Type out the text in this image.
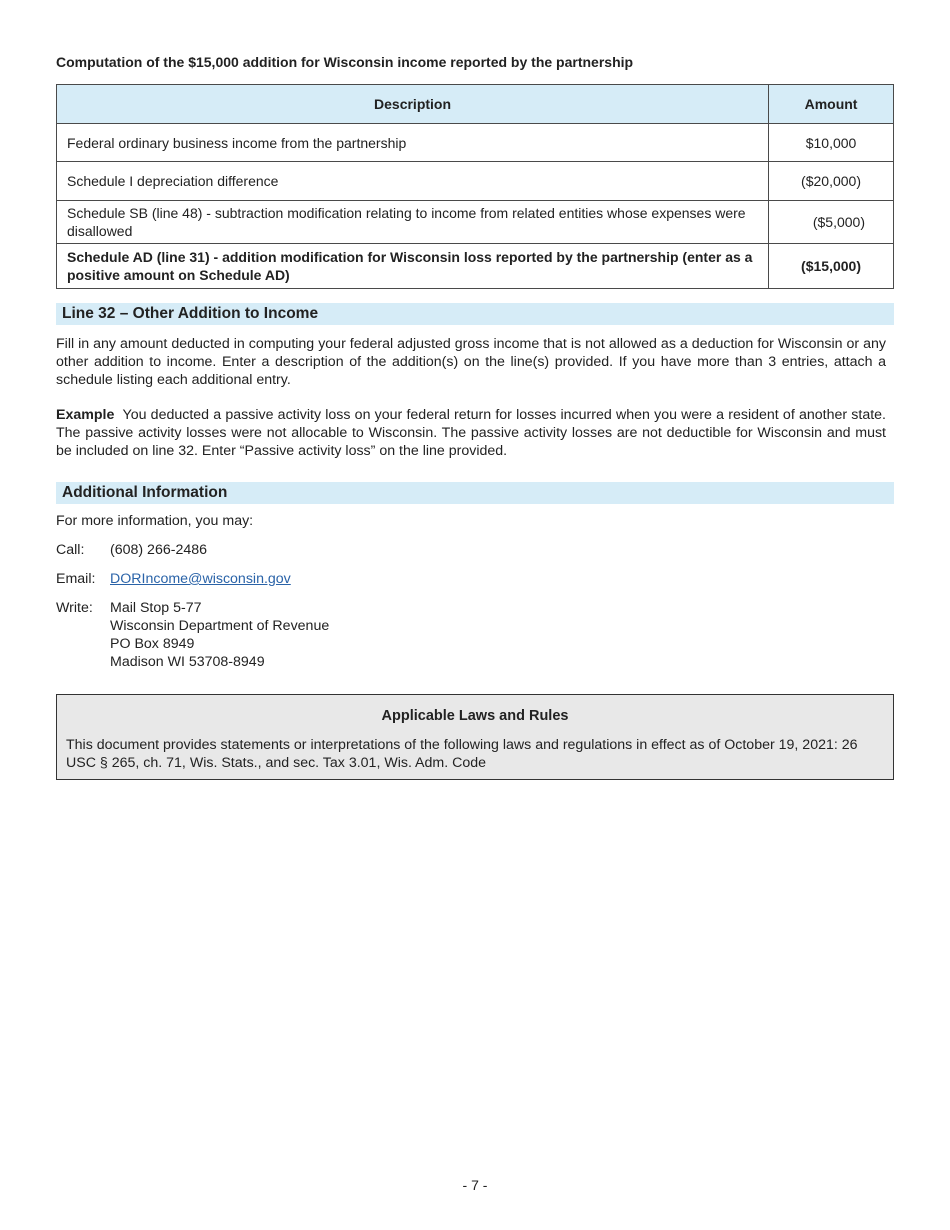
Computation of the $15,000 addition for Wisconsin income reported by the partnership
Description	Amount
Federal ordinary business income from the partnership	$10,000
Schedule I depreciation difference	($20,000)
Schedule SB (line 48) - subtraction modification relating to income from related entities whose expenses were disallowed	($5,000)
Schedule AD (line 31) - addition modification for Wisconsin loss reported by the partnership (enter as a positive amount on Schedule AD)	($15,000)
Line 32 – Other Addition to Income
Fill in any amount deducted in computing your federal adjusted gross income that is not allowed as a deduction for Wisconsin or any other addition to income. Enter a description of the addition(s) on the line(s) provided. If you have more than 3 entries, attach a schedule listing each additional entry.
Example You deducted a passive activity loss on your federal return for losses incurred when you were a resident of another state. The passive activity losses were not allocable to Wisconsin. The passive activity losses are not deductible for Wisconsin and must be included on line 32. Enter “Passive activity loss” on the line provided.
Additional Information
For more information, you may:
Call:	(608) 266-2486
Email:	DORIncome@wisconsin.gov
Write:	Mail Stop 5-77
Wisconsin Department of Revenue
PO Box 8949
Madison WI 53708-8949
Applicable Laws and Rules
This document provides statements or interpretations of the following laws and regulations in effect as of October 19, 2021: 26 USC § 265, ch. 71, Wis. Stats., and sec. Tax 3.01, Wis. Adm. Code
- 7 -
